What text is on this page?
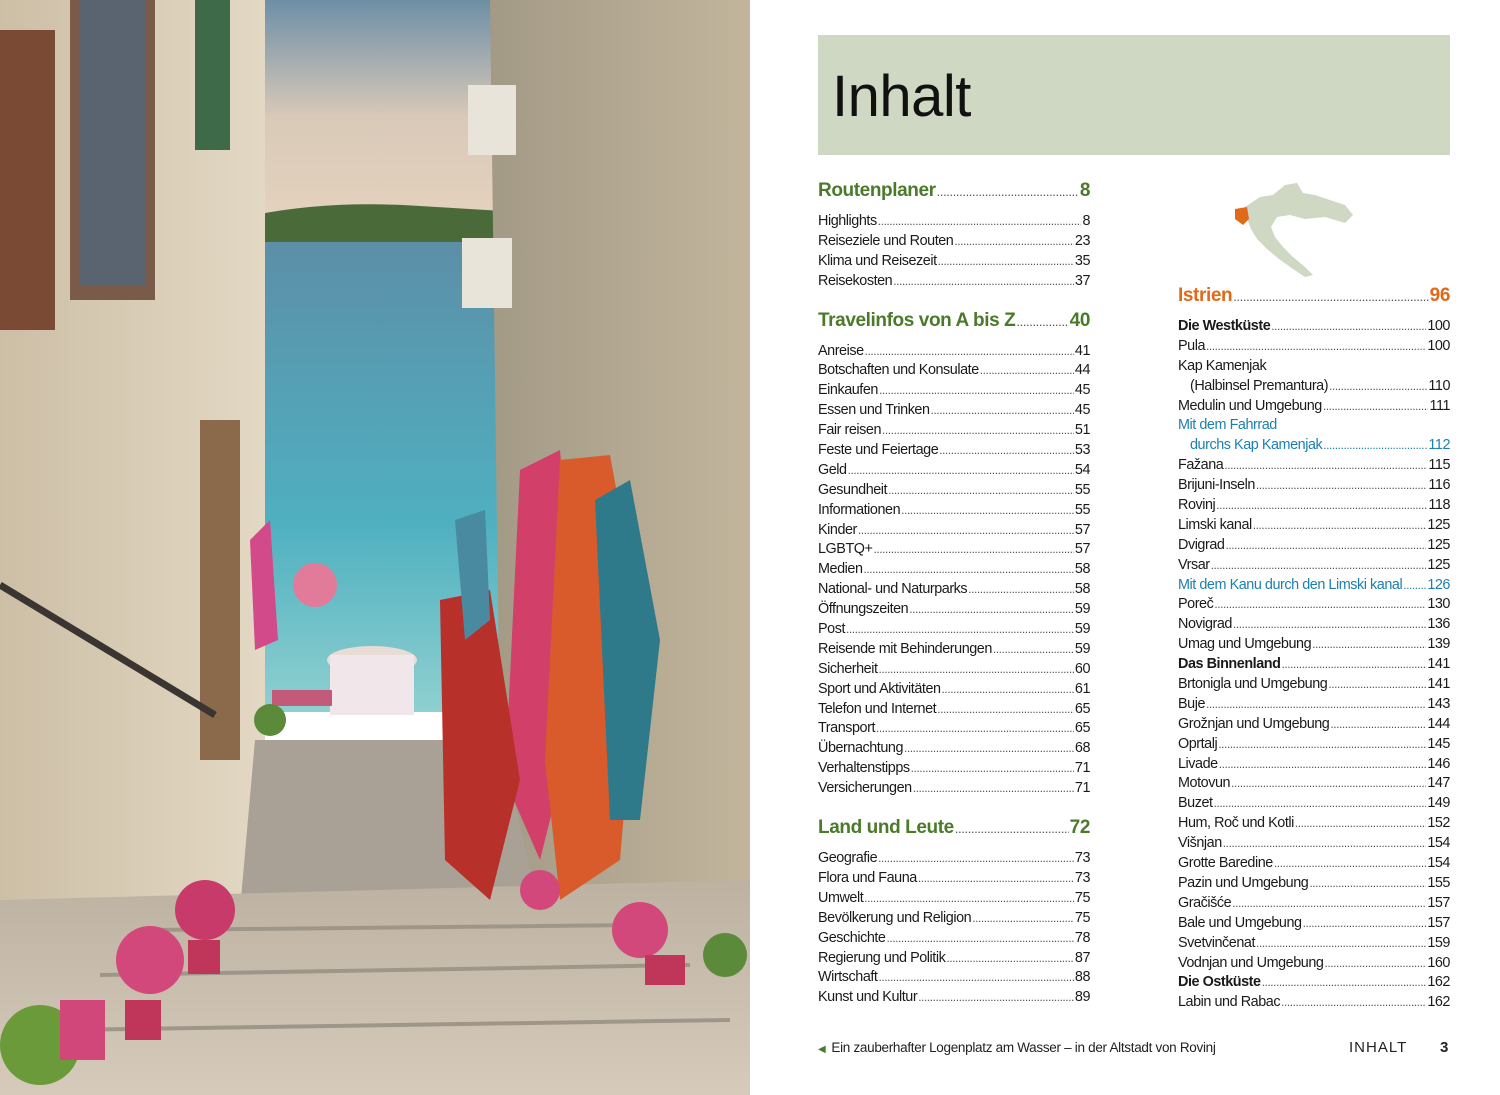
Inhalt
Routenplaner .....	8
Highlights .....	8
Reiseziele und Routen .....	23
Klima und Reisezeit .....	35
Reisekosten .....	37
Travelinfos von A bis Z .....	40
Anreise .....	41
Botschaften und Konsulate .....	44
Einkaufen .....	45
Essen und Trinken .....	45
Fair reisen .....	51
Feste und Feiertage .....	53
Geld .....	54
Gesundheit .....	55
Informationen .....	55
Kinder .....	57
LGBTQ+ .....	57
Medien .....	58
National- und Naturparks .....	58
Öffnungszeiten .....	59
Post .....	59
Reisende mit Behinderungen .....	59
Sicherheit .....	60
Sport und Aktivitäten .....	61
Telefon und Internet .....	65
Transport .....	65
Übernachtung .....	68
Verhaltenstipps .....	71
Versicherungen .....	71
Land und Leute .....	72
Geografie .....	73
Flora und Fauna .....	73
Umwelt .....	75
Bevölkerung und Religion .....	75
Geschichte .....	78
Regierung und Politik .....	87
Wirtschaft .....	88
Kunst und Kultur .....	89
Istrien .....	96
Die Westküste .....	100
Pula .....	100
Kap Kamenjak
(Halbinsel Premantura) .....	110
Medulin und Umgebung .....	111
Mit dem Fahrrad
durchs Kap Kamenjak .....	112
Fažana .....	115
Brijuni-Inseln .....	116
Rovinj .....	118
Limski kanal .....	125
Dvigrad .....	125
Vrsar .....	125
Mit dem Kanu durch den Limski kanal ..... 126
Poreč .....	130
Novigrad .....	136
Umag und Umgebung .....	139
Das Binnenland .....	141
Brtonigla und Umgebung .....	141
Buje .....	143
Grožnjan und Umgebung .....	144
Oprtalj .....	145
Livade .....	146
Motovun .....	147
Buzet .....	149
Hum, Roč und Kotli .....	152
Višnjan .....	154
Grotte Baredine .....	154
Pazin und Umgebung .....	155
Gračišće .....	157
Bale und Umgebung .....	157
Svetvinčenat .....	159
Vodnjan und Umgebung .....	160
Die Ostküste .....	162
Labin und Rabac .....	162
◀ Ein zauberhafter Logenplatz am Wasser – in der Altstadt von Rovinj	INHALT 3
